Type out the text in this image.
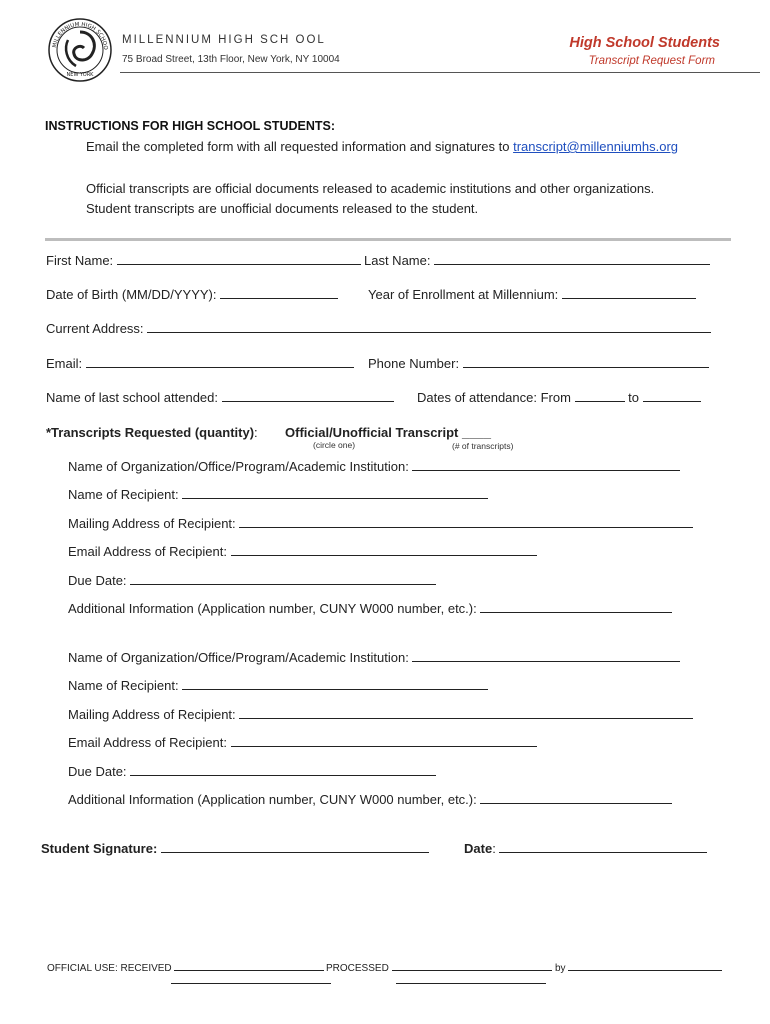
MILLENNIUM HIGH SCHOO
NEW YORK
MILLENNIUM HIGH SCH OOL
75 Broad Street, 13th Floor, New York, NY 10004
High School Students
Transcript Request Form
INSTRUCTIONS FOR HIGH SCHOOL STUDENTS:
Email the completed form with all requested information and signatures to transcript@millenniumhs.org
Official transcripts are official documents released to academic institutions and other organizations.
Student transcripts are unofficial documents released to the student.
First Name:	Last Name:
Date of Birth (MM/DD/YYYY):	Year of Enrollment at Millennium:
Current Address:
Email:	Phone Number:
Name of last school attended:	Dates of attendance: From	to
*Transcripts Requested (quantity): Official/Unofficial Transcript ____
(circle one)	(# of transcripts)
Name of Organization/Office/Program/Academic Institution:
Name of Recipient:
Mailing Address of Recipient:
Email Address of Recipient:
Due Date:
Additional Information (Application number, CUNY W000 number, etc.):
Name of Organization/Office/Program/Academic Institution:
Name of Recipient:
Mailing Address of Recipient:
Email Address of Recipient:
Due Date:
Additional Information (Application number, CUNY W000 number, etc.):
Student Signature:	Date:
OFFICIAL USE: RECEIVED	PROCESSED	by
